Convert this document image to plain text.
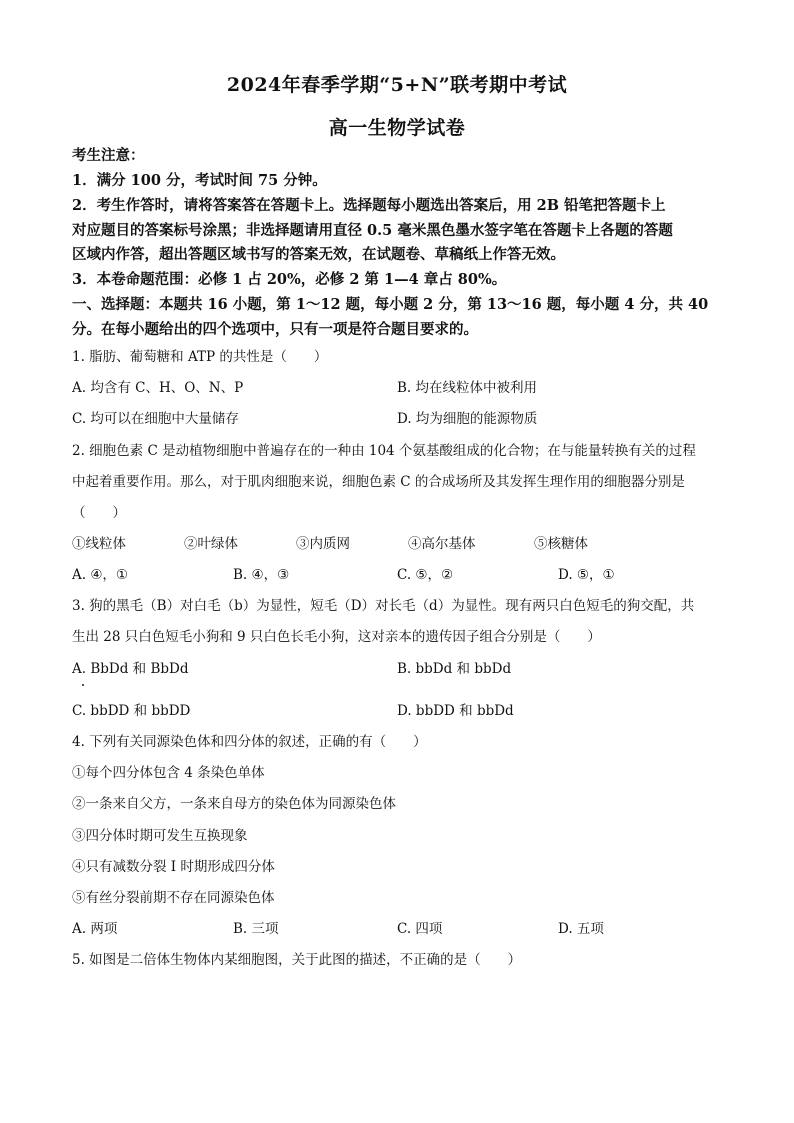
2024年春季学期“5+N”联考期中考试
高一生物学试卷
考生注意：
1．满分 100 分，考试时间 75 分钟。
2．考生作答时，请将答案答在答题卡上。选择题每小题选出答案后，用 2B 铅笔把答题卡上
对应题目的答案标号涂黑；非选择题请用直径 0.5 毫米黑色墨水签字笔在答题卡上各题的答题
区域内作答，超出答题区域书写的答案无效，在试题卷、草稿纸上作答无效。
3．本卷命题范围：必修 1 占 20%，必修 2 第 1—4 章占 80%。
一、选择题：本题共 16 小题，第 1～12 题，每小题 2 分，第 13～16 题，每小题 4 分，共 40
分。在每小题给出的四个选项中，只有一项是符合题目要求的。
1. 脂肪、葡萄糖和 ATP 的共性是（　　）
A. 均含有 C、H、O、N、P	B. 均在线粒体中被利用
C. 均可以在细胞中大量储存	D. 均为细胞的能源物质
2. 细胞色素 C 是动植物细胞中普遍存在的一种由 104 个氨基酸组成的化合物；在与能量转换有关的过程
中起着重要作用。那么，对于肌肉细胞来说，细胞色素 C 的合成场所及其发挥生理作用的细胞器分别是
（　　）
①线粒体	②叶绿体	③内质网	④高尔基体	⑤核糖体
A. ④，①	B. ④，③	C. ⑤，②	D. ⑤，①
3. 狗的黑毛（B）对白毛（b）为显性，短毛（D）对长毛（d）为显性。现有两只白色短毛的狗交配，共
生出 28 只白色短毛小狗和 9 只白色长毛小狗，这对亲本的遗传因子组合分别是（　　）
A. BbDd 和 BbDd	B. bbDd 和 bbDd
C. bbDD 和 bbDD	D. bbDD 和 bbDd
4. 下列有关同源染色体和四分体的叙述，正确的有（　　）
①每个四分体包含 4 条染色单体
②一条来自父方，一条来自母方的染色体为同源染色体
③四分体时期可发生互换现象
④只有减数分裂 I 时期形成四分体
⑤有丝分裂前期不存在同源染色体
A. 两项	B. 三项	C. 四项	D. 五项
5. 如图是二倍体生物体内某细胞图，关于此图的描述，不正确的是（　　）
